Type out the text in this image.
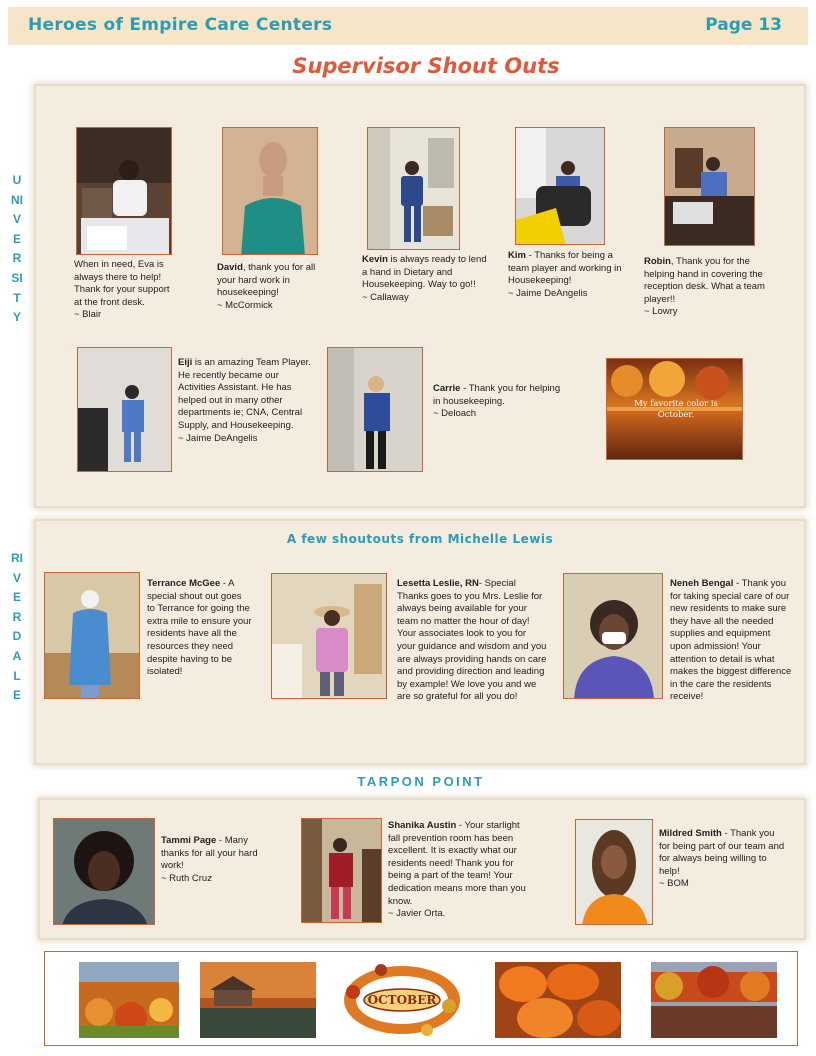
Heroes of Empire Care Centers	Page 13
Supervisor Shout Outs
UNIVERSITY
RIVERDALE
When in need, Eva is always there to help! Thank for your support at the front desk.
~ Blair
David, thank you for all your hard work in housekeeping!
~ McCormick
Kevin is always ready to lend a hand in Dietary and Housekeeping. Way to go!!
~ Callaway
Kim - Thanks for being a team player and working in Housekeeping!
~ Jaime DeAngelis
Robin, Thank you for the helping hand in covering the reception desk. What a team player!!
~ Lowry
Eiji is an amazing Team Player. He recently became our Activities Assistant. He has helped out in many other departments ie; CNA, Central Supply, and Housekeeping.
~ Jaime DeAngelis
Carrie - Thank you for helping in housekeeping.
~ Deloach
My favorite color is October.
A few shoutouts from Michelle Lewis
Terrance McGee - A special shout out goes to Terrance for going the extra mile to ensure your residents have all the resources they need despite having to be isolated!
Lesetta Leslie, RN- Special Thanks goes to you Mrs. Leslie for always being available for your team no matter the hour of day! Your associates look to you for your guidance and wisdom and you are always providing hands on care and providing direction and leading by example! We love you and we are so grateful for all you do!
Neneh Bengal - Thank you for taking special care of our new residents to make sure they have all the needed supplies and equipment upon admission! Your attention to detail is what makes the biggest difference in the care the residents receive!
TARPON POINT
Tammi Page - Many thanks for all your hard work!
~ Ruth Cruz
Shanika Austin - Your starlight fall prevention room has been excellent. It is exactly what our residents need! Thank you for being a part of the team! Your dedication means more than you know.
~ Javier Orta.
Mildred Smith - Thank you for being part of our team and for always being willing to help!
~ BOM
OCTOBER
